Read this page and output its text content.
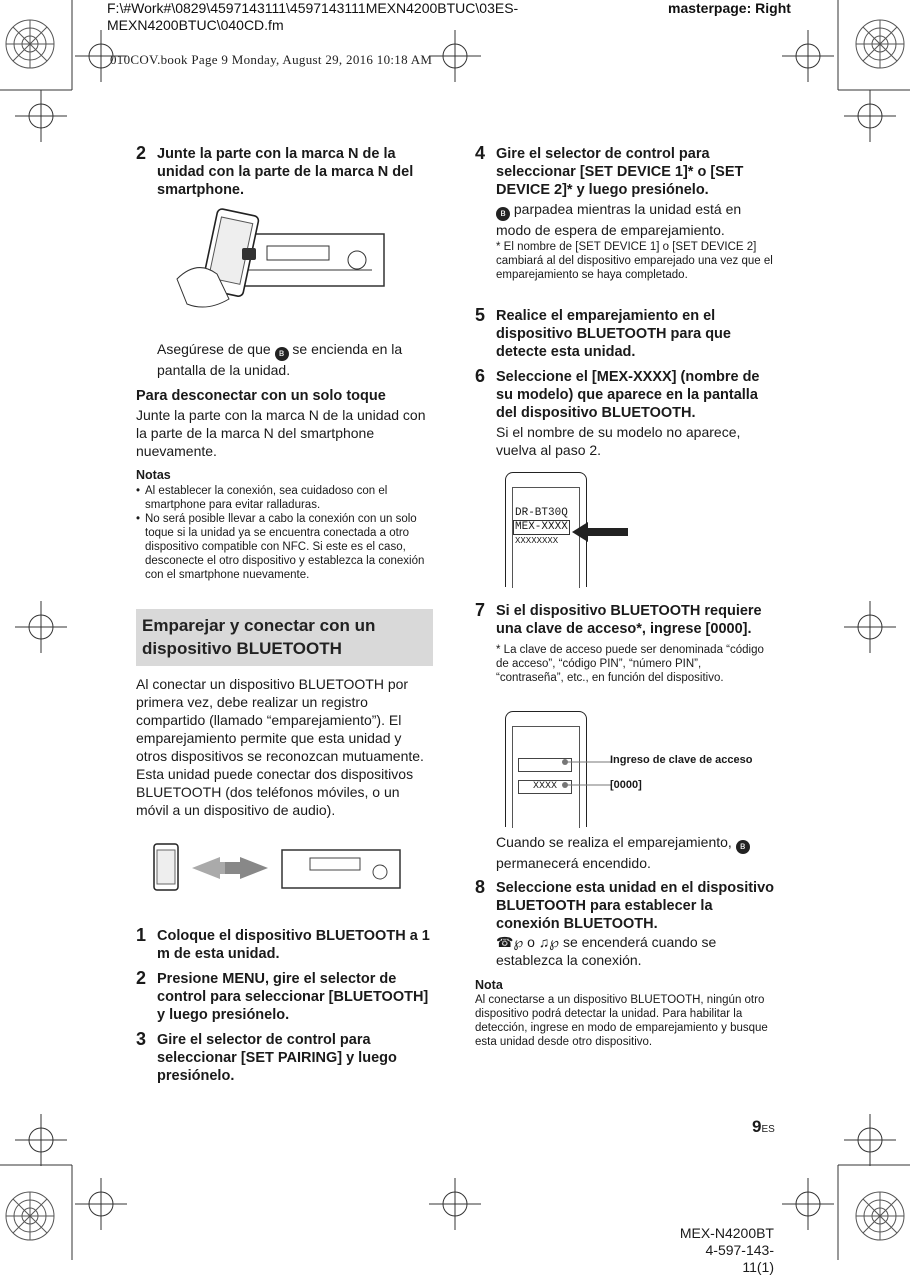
F:\#Work#\0829\4597143111\4597143111MEXN4200BTUC\03ES-
MEXN4200BTUC\040CD.fm
masterpage: Right
010COV.book Page 9 Monday, August 29, 2016 10:18 AM
2 Junte la parte con la marca N de la unidad con la parte de la marca N del smartphone.
Asegúrese de que ʙ se encienda en la pantalla de la unidad.
Para desconectar con un solo toque
Junte la parte con la marca N de la unidad con la parte de la marca N del smartphone nuevamente.
Notas
• Al establecer la conexión, sea cuidadoso con el smartphone para evitar ralladuras.
• No será posible llevar a cabo la conexión con un solo toque si la unidad ya se encuentra conectada a otro dispositivo compatible con NFC. Si este es el caso, desconecte el otro dispositivo y establezca la conexión con el smartphone nuevamente.
Emparejar y conectar con un dispositivo BLUETOOTH
Al conectar un dispositivo BLUETOOTH por primera vez, debe realizar un registro compartido (llamado “emparejamiento”). El emparejamiento permite que esta unidad y otros dispositivos se reconozcan mutuamente. Esta unidad puede conectar dos dispositivos BLUETOOTH (dos teléfonos móviles, o un móvil a un dispositivo de audio).
1 Coloque el dispositivo BLUETOOTH a 1 m de esta unidad.
2 Presione MENU, gire el selector de control para seleccionar [BLUETOOTH] y luego presiónelo.
3 Gire el selector de control para seleccionar [SET PAIRING] y luego presiónelo.
4 Gire el selector de control para seleccionar [SET DEVICE 1]* o [SET DEVICE 2]* y luego presiónelo.
ʙ parpadea mientras la unidad está en modo de espera de emparejamiento.
* El nombre de [SET DEVICE 1] o [SET DEVICE 2] cambiará al del dispositivo emparejado una vez que el emparejamiento se haya completado.
5 Realice el emparejamiento en el dispositivo BLUETOOTH para que detecte esta unidad.
6 Seleccione el [MEX-XXXX] (nombre de su modelo) que aparece en la pantalla del dispositivo BLUETOOTH.
Si el nombre de su modelo no aparece, vuelva al paso 2.
DR-BT30Q
MEX-XXXX
XXXXXXXX
7 Si el dispositivo BLUETOOTH requiere una clave de acceso*, ingrese [0000].
* La clave de acceso puede ser denominada “código de acceso”, “código PIN”, “número PIN”, “contraseña”, etc., en función del dispositivo.
XXXX
Ingreso de clave de acceso
[0000]
Cuando se realiza el emparejamiento, ʙ permanecerá encendido.
8 Seleccione esta unidad en el dispositivo BLUETOOTH para establecer la conexión BLUETOOTH.
☎℘ o ♫℘ se encenderá cuando se establezca la conexión.
Nota
Al conectarse a un dispositivo BLUETOOTH, ningún otro dispositivo podrá detectar la unidad. Para habilitar la detección, ingrese en modo de emparejamiento y busque esta unidad desde otro dispositivo.
9ES
MEX-N4200BT
4-597-143-11(1)
